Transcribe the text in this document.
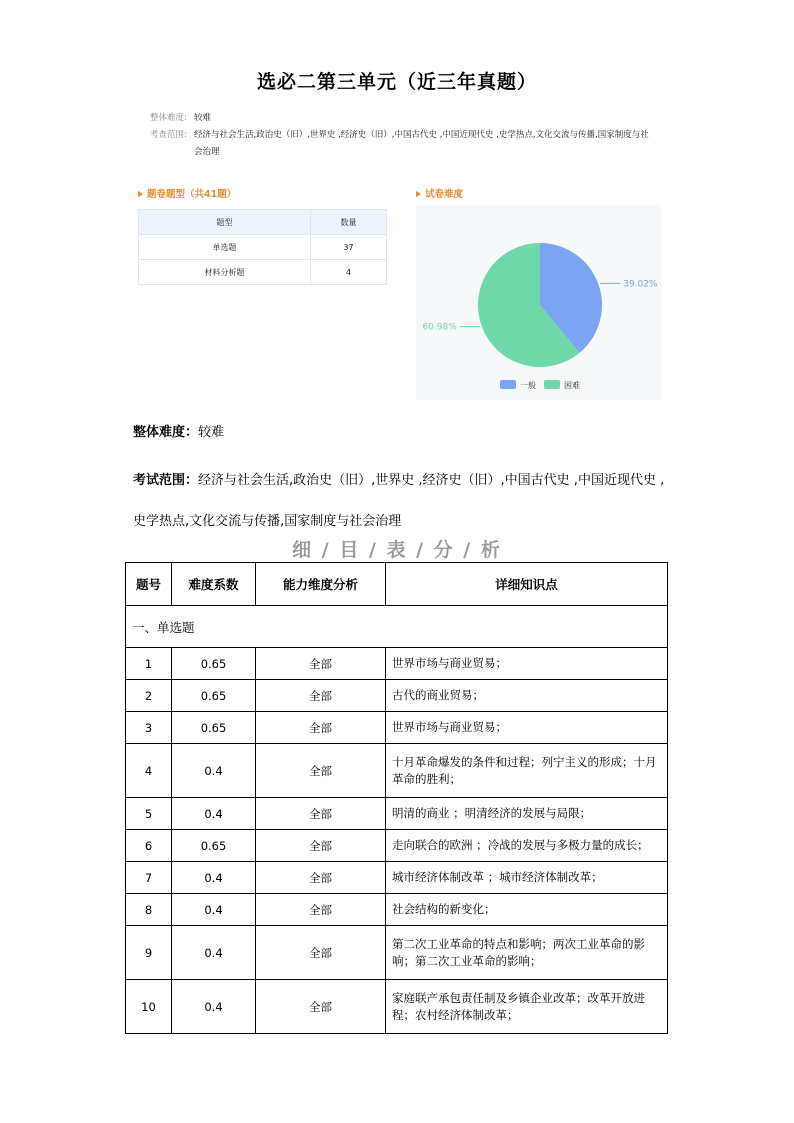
选必二第三单元（近三年真题）
整体难度: 较难
考查范围: 经济与社会生活,政治史（旧）,世界史 ,经济史（旧）,中国古代史 ,中国近现代史 ,史学热点,文化交流与传播,国家制度与社会治理
题卷题型（共41题）
题型	数量
单选题	37
材料分析题	4
试卷难度
39.02%
60.98%
一般	困难
整体难度：较难
考试范围：经济与社会生活,政治史（旧）,世界史 ,经济史（旧）,中国古代史 ,中国近现代史 ,史学热点,文化交流与传播,国家制度与社会治理
细 / 目 / 表 / 分 / 析
题号	难度系数	能力维度分析	详细知识点
一、单选题			
1	0.65	全部	世界市场与商业贸易；
2	0.65	全部	古代的商业贸易；
3	0.65	全部	世界市场与商业贸易；
4	0.4	全部	十月革命爆发的条件和过程；列宁主义的形成；十月革命的胜利；
5	0.4	全部	明清的商业 ；明清经济的发展与局限；
6	0.65	全部	走向联合的欧洲 ；冷战的发展与多极力量的成长；
7	0.4	全部	城市经济体制改革 ；城市经济体制改革；
8	0.4	全部	社会结构的新变化；
9	0.4	全部	第二次工业革命的特点和影响；两次工业革命的影响；第二次工业革命的影响；
10	0.4	全部	家庭联产承包责任制及乡镇企业改革；改革开放进程；农村经济体制改革；
